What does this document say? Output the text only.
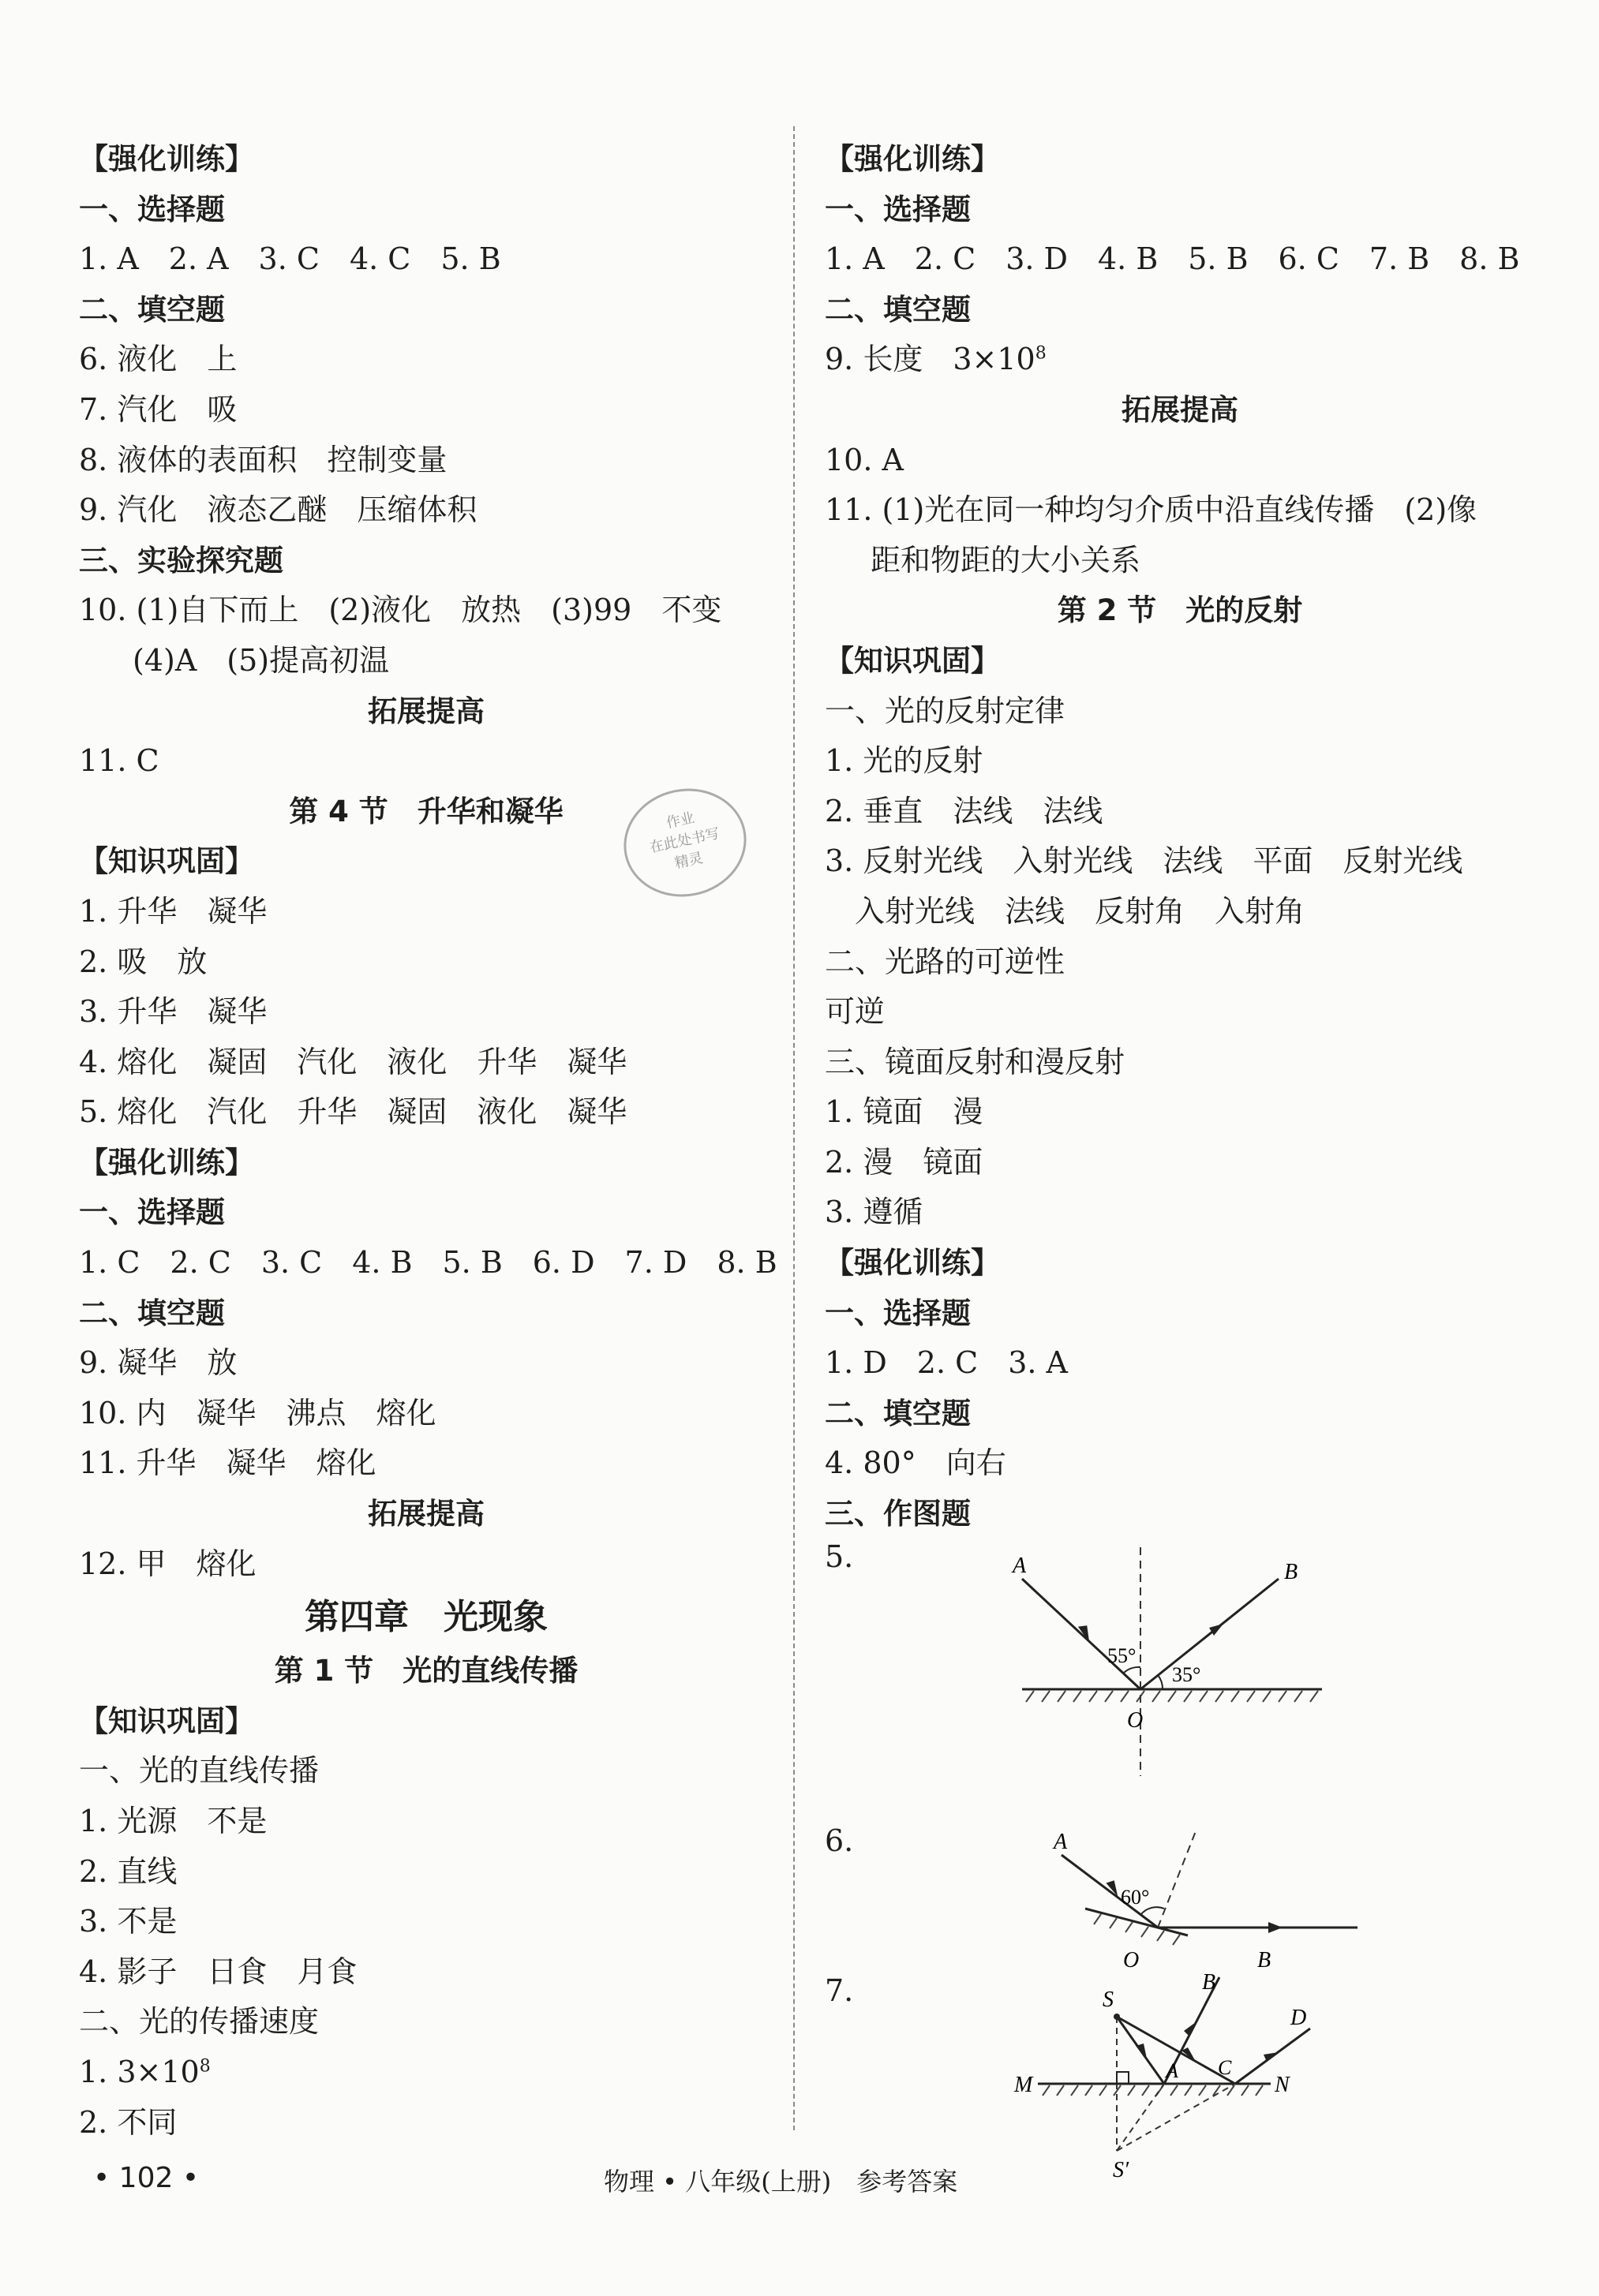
【强化训练】
一、选择题
1. A　2. A　3. C　4. C　5. B
二、填空题
6. 液化　上
7. 汽化　吸
8. 液体的表面积　控制变量
9. 汽化　液态乙醚　压缩体积
三、实验探究题
10. (1)自下而上　(2)液化　放热　(3)99　不变
(4)A　(5)提高初温
拓展提高
11. C
第 4 节　升华和凝华
【知识巩固】
1. 升华　凝华
2. 吸　放
3. 升华　凝华
4. 熔化　凝固　汽化　液化　升华　凝华
5. 熔化　汽化　升华　凝固　液化　凝华
【强化训练】
一、选择题
1. C　2. C　3. C　4. B　5. B　6. D　7. D　8. B
二、填空题
9. 凝华　放
10. 内　凝华　沸点　熔化
11. 升华　凝华　熔化
拓展提高
12. 甲　熔化
第四章　光现象
第 1 节　光的直线传播
【知识巩固】
一、光的直线传播
1. 光源　不是
2. 直线
3. 不是
4. 影子　日食　月食
二、光的传播速度
1. $3\times 10^8$
2. 不同
作业
在此处书写
精灵
【强化训练】
一、选择题
1. A　2. C　3. D　4. B　5. B　6. C　7. B　8. B
二、填空题
9. 长度　$3\times 10^8$
拓展提高
10. A
11. (1)光在同一种均匀介质中沿直线传播　(2)像
距和物距的大小关系
第 2 节　光的反射
【知识巩固】
一、光的反射定律
1. 光的反射
2. 垂直　法线　法线
3. 反射光线　入射光线　法线　平面　反射光线
入射光线　法线　反射角　入射角
二、光路的可逆性
可逆
三、镜面反射和漫反射
1. 镜面　漫
2. 漫　镜面
3. 遵循
【强化训练】
一、选择题
1. D　2. C　3. A
二、填空题
4. 80°　向右
三、作图题
5.	A	B
O
55°
35°
6.	A
60°
O	B
7.	S
S′
B
D
M	N
A C
• 102 •	物理 • 八年级(上册)　参考答案
